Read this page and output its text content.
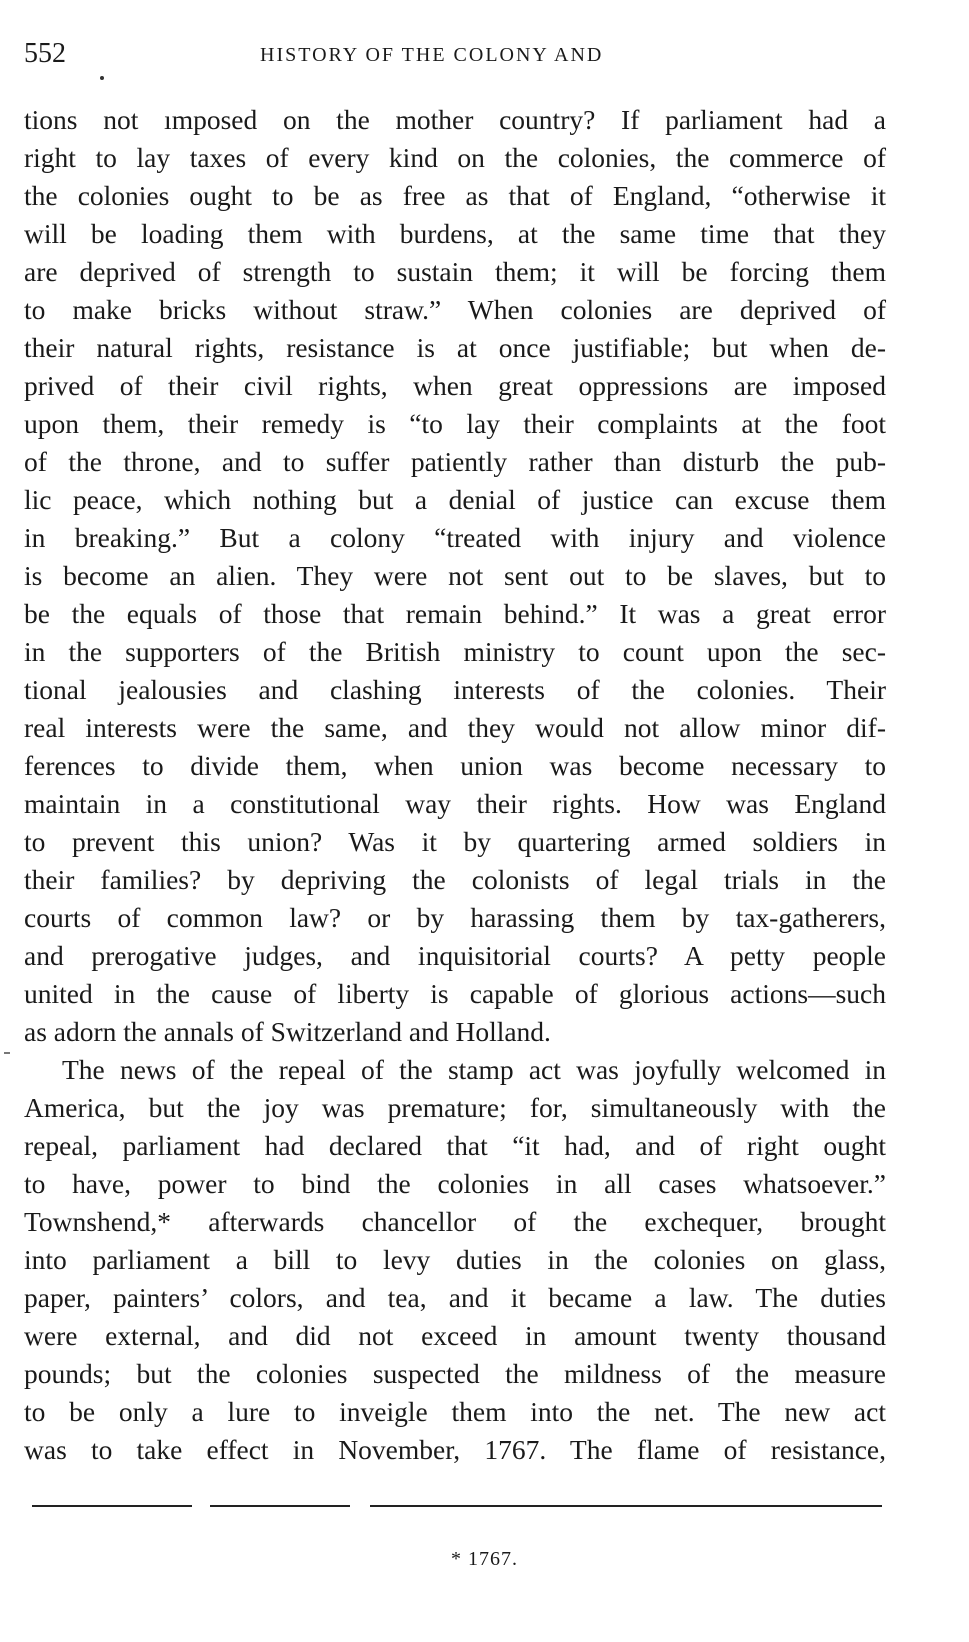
552	HISTORY OF THE COLONY AND
tions not ımposed on the mother country? If parliament had a
right to lay taxes of every kind on the colonies, the commerce of
the colonies ought to be as free as that of England, “otherwise it
will be loading them with burdens, at the same time that they
are deprived of strength to sustain them; it will be forcing them
to make bricks without straw.” When colonies are deprived of
their natural rights, resistance is at once justifiable; but when de-
prived of their civil rights, when great oppressions are imposed
upon them, their remedy is “to lay their complaints at the foot
of the throne, and to suffer patiently rather than disturb the pub-
lic peace, which nothing but a denial of justice can excuse them
in breaking.” But a colony “treated with injury and violence
is become an alien. They were not sent out to be slaves, but to
be the equals of those that remain behind.” It was a great error
in the supporters of the British ministry to count upon the sec-
tional jealousies and clashing interests of the colonies. Their
real interests were the same, and they would not allow minor dif-
ferences to divide them, when union was become necessary to
maintain in a constitutional way their rights. How was England
to prevent this union? Was it by quartering armed soldiers in
their families? by depriving the colonists of legal trials in the
courts of common law? or by harassing them by tax-gatherers,
and prerogative judges, and inquisitorial courts? A petty people
united in the cause of liberty is capable of glorious actions—such
as adorn the annals of Switzerland and Holland.
The news of the repeal of the stamp act was joyfully welcomed in
America, but the joy was premature; for, simultaneously with the
repeal, parliament had declared that “it had, and of right ought
to have, power to bind the colonies in all cases whatsoever.”
Townshend,* afterwards chancellor of the exchequer, brought
into parliament a bill to levy duties in the colonies on glass,
paper, painters’ colors, and tea, and it became a law. The duties
were external, and did not exceed in amount twenty thousand
pounds; but the colonies suspected the mildness of the measure
to be only a lure to inveigle them into the net. The new act
was to take effect in November, 1767. The flame of resistance,
* 1767.
